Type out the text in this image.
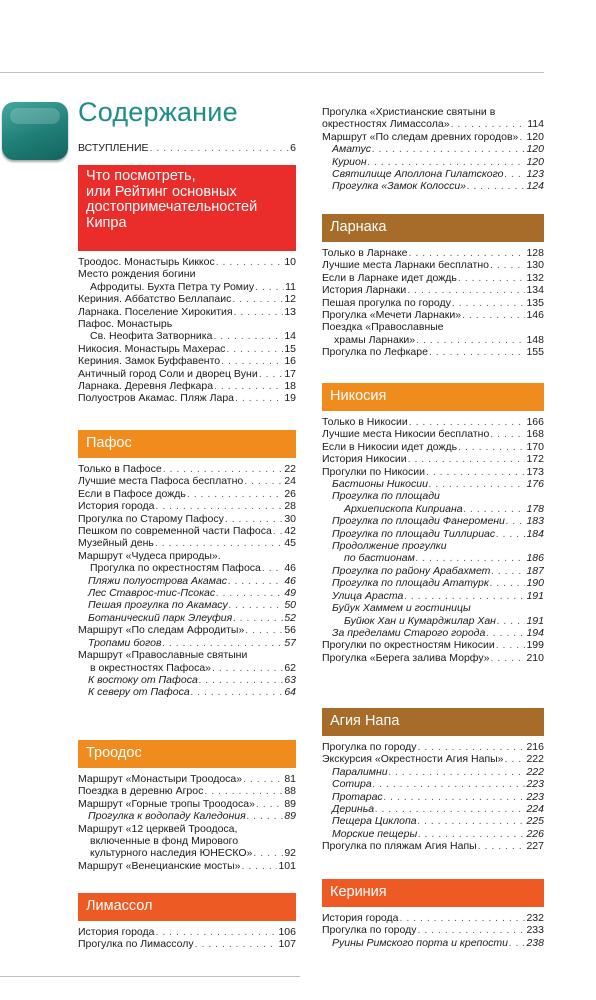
Содержание
ВСТУПЛЕНИЕ . . .	6
Что посмотреть,
или Рейтинг основных
достопримечательностей
Кипра
Троодос. Монастырь Киккос . . .	10
Место рождения богини
Афродиты. Бухта Петра ту Ромиу . . .	11
Кериния. Аббатство Беллапаис . . .	12
Ларнака. Поселение Хирокития . . .	13
Пафос. Монастырь
Св. Неофита Затворника . . .	14
Никосия. Монастырь Махерас . . .	15
Кериния. Замок Буффавенто . . .	16
Античный город Соли и дворец Вуни . . .	17
Ларнака. Деревня Лефкара . . .	18
Полуостров Акамас. Пляж Лара . . .	19
Пафос
Только в Пафосе . . .	22
Лучшие места Пафоса бесплатно . . .	24
Если в Пафосе дождь . . .	26
История города . . .	28
Прогулка по Старому Пафосу . . .	30
Пешком по современной части Пафоса . . . 42
Музейный день . . .	45
Маршрут «Чудеса природы».
Прогулка по окрестностям Пафоса . . . 46
Пляжи полуострова Акамас . . .	46
Лес Ставрос-тис-Псокас . . .	49
Пешая прогулка по Акамасу . . .	50
Ботанический парк Элеуфия . . .	52
Маршрут «По следам Афродиты» . . .	56
Тропами богов . . .	57
Маршрут «Православные святыни
в окрестностях Пафоса» . . .	62
К востоку от Пафоса . . .	63
К северу от Пафоса . . .	64
Троодос
Маршрут «Монастыри Троодоса» . . .	81
Поездка в деревню Агрос . . .	88
Маршрут «Горные тропы Троодоса» . . .	89
Прогулка к водопаду Каледония . . .	89
Маршрут «12 церквей Троодоса,
включенные в фонд Мирового
культурного наследия ЮНЕСКО» . . .	92
Маршрут «Венецианские мосты» . . .	101
Лимассол
История города . . .	106
Прогулка по Лимассолу . . .	107
Прогулка «Христианские святыни в
окрестностях Лимассола» . . .	114
Маршрут «По следам древних городов» . . . 120
Аматус . . .	120
Курион . . .	120
Святилище Аполлона Гилатского . . . 123
Прогулка «Замок Колосси» . . .	124
Ларнака
Только в Ларнаке . . .	128
Лучшие места Ларнаки бесплатно . . .	130
Если в Ларнаке идет дождь . . .	132
История Ларнаки . . .	134
Пешая прогулка по городу . . .	135
Прогулка «Мечети Ларнаки» . . .	146
Поездка «Православные
храмы Ларнаки» . . .	148
Прогулка по Лефкаре . . .	155
Никосия
Только в Никосии . . .	166
Лучшие места Никосии бесплатно . . .	168
Если в Никосии идет дождь . . .	170
История Никосии . . .	172
Прогулки по Никосии . . .	173
Бастионы Никосии . . .	176
Прогулка по площади
Архиепископа Киприана . . .	178
Прогулка по площади Фанеромени . . . 183
Прогулка по площади Тиллириас . . .	184
Продолжение прогулки
по бастионам . . .	186
Прогулка по району Арабахмет . . .	187
Прогулка по площади Ататурк . . .	190
Улица Араста . . .	191
Буйук Хаммем и гостиницы
Буйюк Хан и Кумарджилар Хан . . .	191
За пределами Старого города . . .	194
Прогулки по окрестностям Никосии . . .	199
Прогулка «Берега залива Морфу» . . .	210
Агия Напа
Прогулка по городу . . .	216
Экскурсия «Окрестности Агия Напы» . . . 222
Паралимни . . .	222
Сотира . . .	223
Протарас . . .	223
Дериньа . . .	224
Пещера Циклопа . . .	225
Морские пещеры . . .	226
Прогулка по пляжам Агия Напы . . .	227
Кериния
История города . . .	232
Прогулка по городу . . .	233
Руины Римского порта и крепости . . . 238
